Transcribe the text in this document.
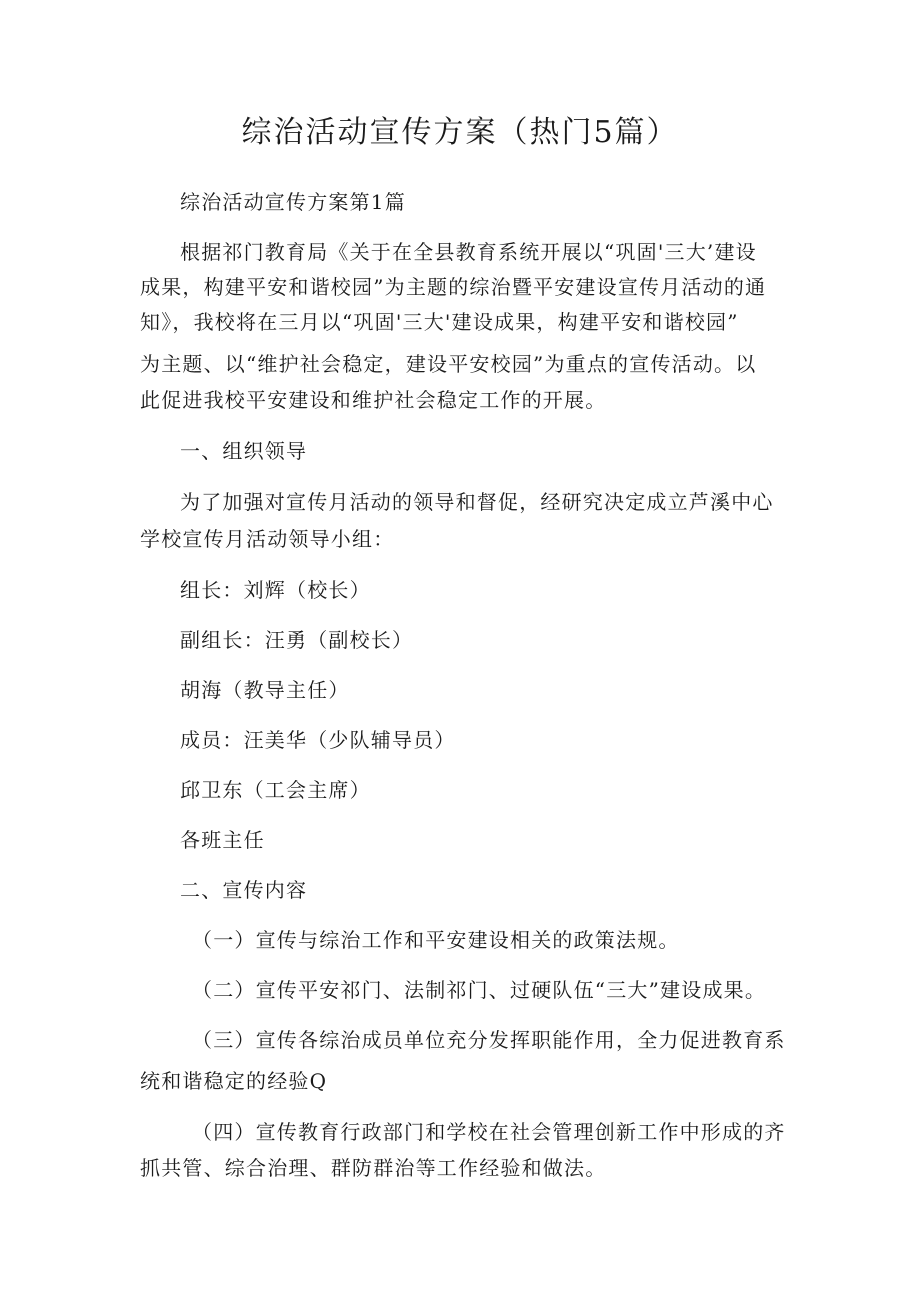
综治活动宣传方案（热门5篇）
综治活动宣传方案第1篇
根据祁门教育局《关于在全县教育系统开展以“巩固'三大’建设
成果，构建平安和谐校园”为主题的综治暨平安建设宣传月活动的通
知》，我校将在三月以“巩固'三大'建设成果，构建平安和谐校园”
为主题、以“维护社会稳定，建设平安校园”为重点的宣传活动。以
此促进我校平安建设和维护社会稳定工作的开展。
一、组织领导
为了加强对宣传月活动的领导和督促，经研究决定成立芦溪中心
学校宣传月活动领导小组：
组长：刘辉（校长）
副组长：汪勇（副校长）
胡海（教导主任）
成员：汪美华（少队辅导员）
邱卫东（工会主席）
各班主任
二、宣传内容
（一）宣传与综治工作和平安建设相关的政策法规。
（二）宣传平安祁门、法制祁门、过硬队伍“三大”建设成果。
（三）宣传各综治成员单位充分发挥职能作用，全力促进教育系
统和谐稳定的经验Q
（四）宣传教育行政部门和学校在社会管理创新工作中形成的齐
抓共管、综合治理、群防群治等工作经验和做法。
